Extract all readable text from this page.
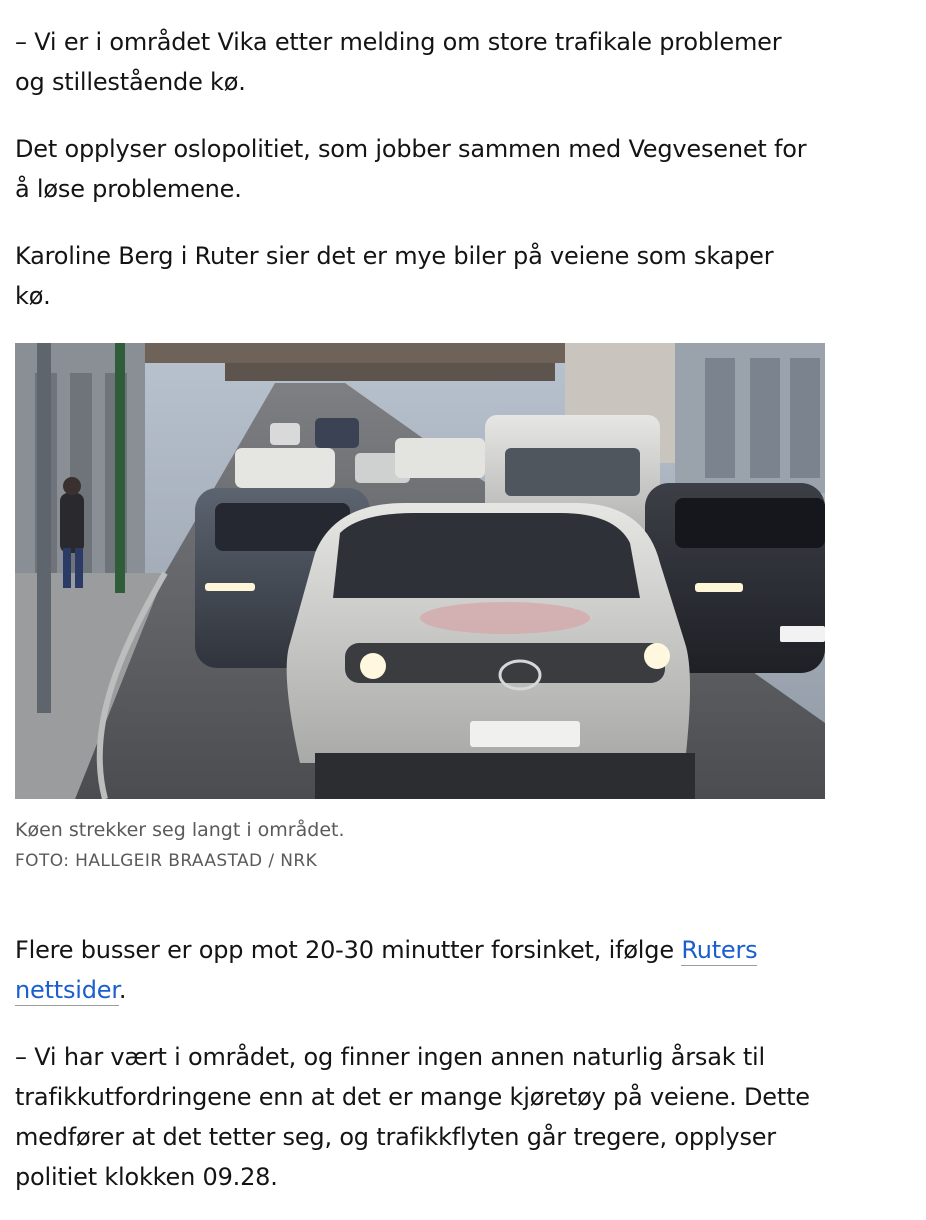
– Vi er i området Vika etter melding om store trafikale problemer og stillestående kø.

Det opplyser oslopolitiet, som jobber sammen med Vegvesenet for å løse problemene.

Karoline Berg i Ruter sier det er mye biler på veiene som skaper kø.

Køen strekker seg langt i området.
FOTO: HALLGEIR BRAASTAD / NRK

Flere busser er opp mot 20-30 minutter forsinket, ifølge Ruters nettsider.

– Vi har vært i området, og finner ingen annen naturlig årsak til trafikkutfordringene enn at det er mange kjøretøy på veiene. Dette medfører at det tetter seg, og trafikkflyten går tregere, opplyser politiet klokken 09.28.
